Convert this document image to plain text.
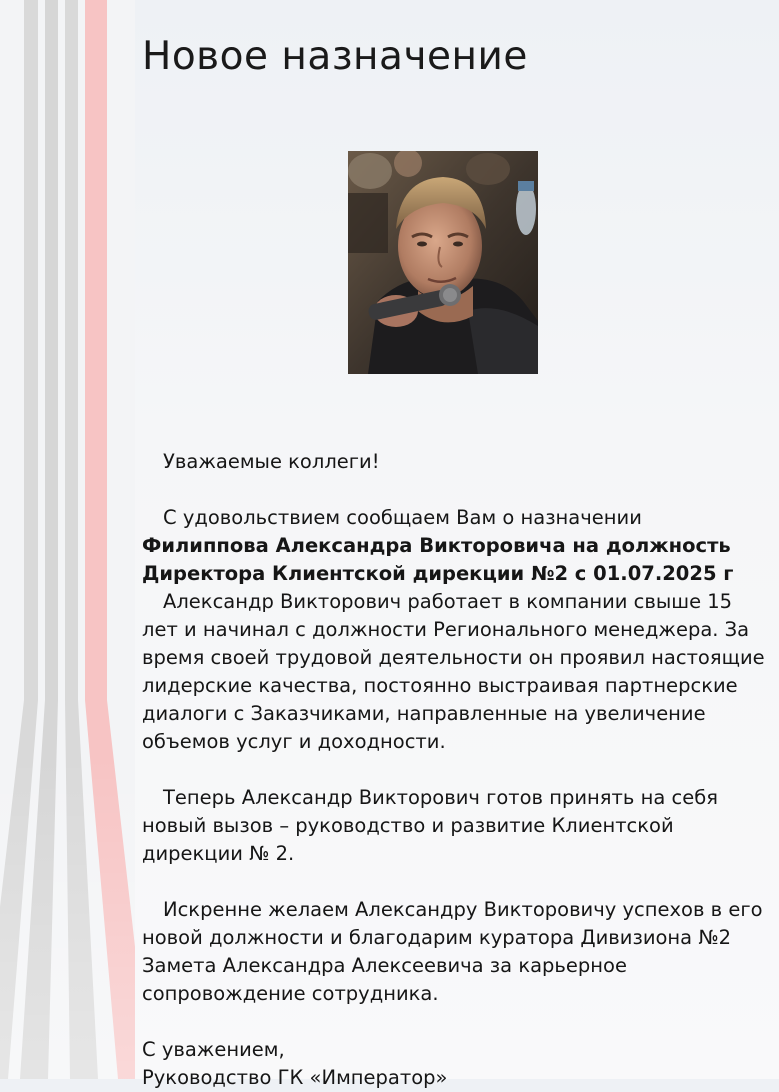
Новое назначение

Уважаемые коллеги!

С удовольствием сообщаем Вам о назначении Филиппова Александра Викторовича на должность Директора Клиентской дирекции №2 с 01.07.2025 г

Александр Викторович работает в компании свыше 15 лет и начинал с должности Регионального менеджера. За время своей трудовой деятельности он проявил настоящие лидерские качества, постоянно выстраивая партнерские диалоги с Заказчиками, направленные на увеличение объемов услуг и доходности.

Теперь Александр Викторович готов принять на себя новый вызов – руководство и развитие Клиентской дирекции № 2.

Искренне желаем Александру Викторовичу успехов в его новой должности и благодарим куратора Дивизиона №2 Замета Александра Алексеевича за карьерное сопровождение сотрудника.

С уважением,

Руководство ГК «Император»
